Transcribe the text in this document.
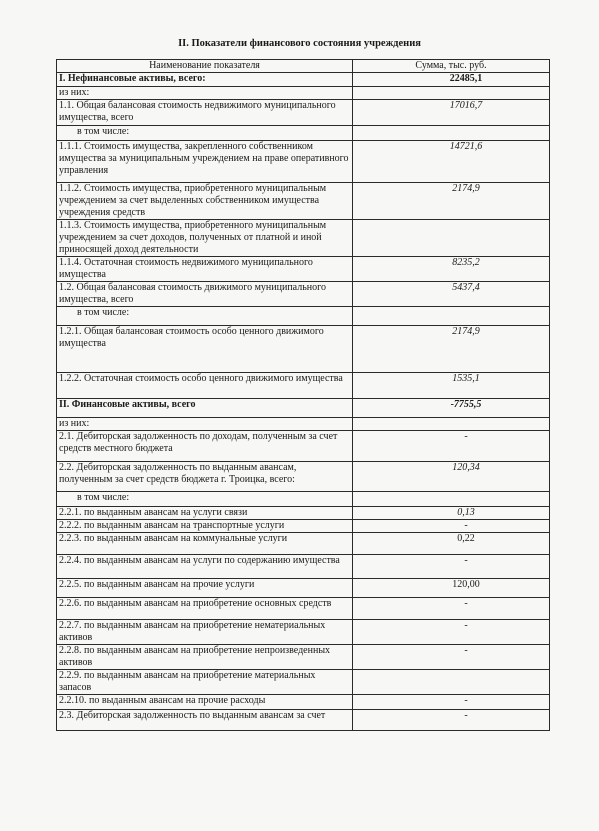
II. Показатели финансового состояния учреждения
Наименование показателя	Сумма, тыс. руб.
I. Нефинансовые активы, всего:	22485,1
из них:	
1.1. Общая балансовая стоимость недвижимого муниципального имущества, всего	17016,7
в том числе:	
1.1.1. Стоимость имущества, закрепленного собственником имущества за муниципальным учреждением на праве оперативного управления	14721,6
1.1.2. Стоимость имущества, приобретенного муниципальным учреждением за счет выделенных собственником имущества учреждения средств	2174,9
1.1.3. Стоимость имущества, приобретенного муниципальным учреждением за счет доходов, полученных от платной и иной приносящей доход деятельности	
1.1.4. Остаточная стоимость недвижимого муниципального имущества	8235,2
1.2. Общая балансовая стоимость движимого муниципального имущества, всего	5437,4
в том числе:	
1.2.1. Общая балансовая стоимость особо ценного движимого имущества	2174,9
1.2.2. Остаточная стоимость особо ценного движимого имущества	1535,1
II. Финансовые активы, всего	-7755,5
из них:	
2.1. Дебиторская задолженность по доходам, полученным за счет средств местного бюджета	-
2.2. Дебиторская задолженность по выданным авансам, полученным за счет средств бюджета г. Троицка, всего:	120,34
в том числе:	
2.2.1. по выданным авансам на услуги связи	0,13
2.2.2. по выданным авансам на транспортные услуги	-
2.2.3. по выданным авансам на коммунальные услуги	0,22
2.2.4. по выданным авансам на услуги по содержанию имущества	-
2.2.5. по выданным авансам на прочие услуги	120,00
2.2.6. по выданным авансам на приобретение основных средств	-
2.2.7. по выданным авансам на приобретение нематериальных активов	-
2.2.8. по выданным авансам на приобретение непроизведенных активов	-
2.2.9. по выданным авансам на приобретение материальных запасов	
2.2.10. по выданным авансам на прочие расходы	-
2.3. Дебиторская задолженность по выданным авансам за счет	-
